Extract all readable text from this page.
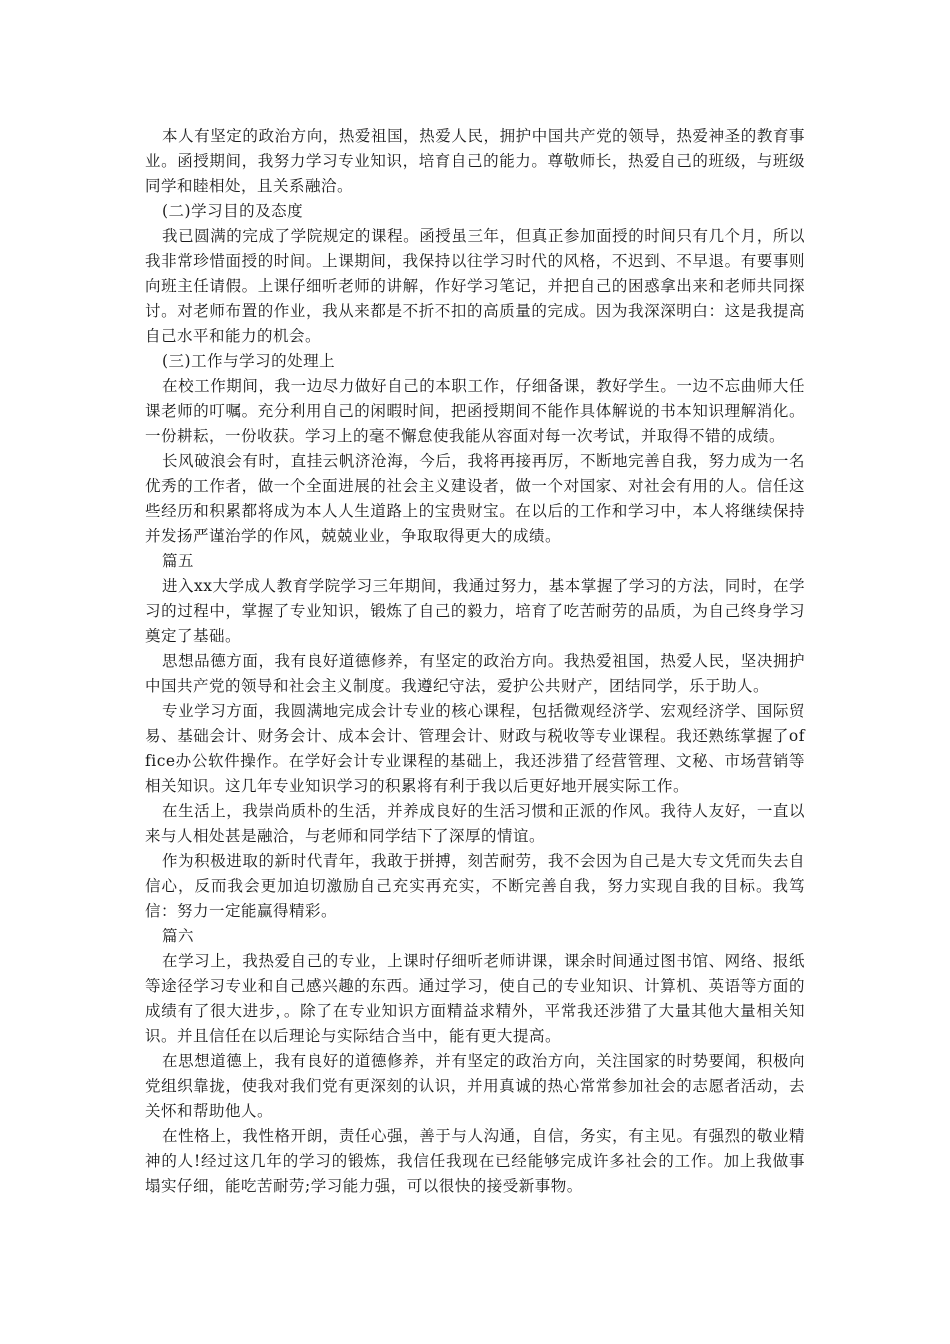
本人有坚定的政治方向，热爱祖国，热爱人民，拥护中国共产党的领导，热爱神圣的教育事业。函授期间，我努力学习专业知识，培育自己的能力。尊敬师长，热爱自己的班级，与班级同学和睦相处，且关系融洽。

(二)学习目的及态度

我已圆满的完成了学院规定的课程。函授虽三年，但真正参加面授的时间只有几个月，所以我非常珍惜面授的时间。上课期间，我保持以往学习时代的风格，不迟到、不早退。有要事则向班主任请假。上课仔细听老师的讲解，作好学习笔记，并把自己的困惑拿出来和老师共同探讨。对老师布置的作业，我从来都是不折不扣的高质量的完成。因为我深深明白：这是我提高自己水平和能力的机会。

(三)工作与学习的处理上

在校工作期间，我一边尽力做好自己的本职工作，仔细备课，教好学生。一边不忘曲师大任课老师的叮嘱。充分利用自己的闲暇时间，把函授期间不能作具体解说的书本知识理解消化。一份耕耘，一份收获。学习上的毫不懈怠使我能从容面对每一次考试，并取得不错的成绩。

长风破浪会有时，直挂云帆济沧海，今后，我将再接再厉，不断地完善自我，努力成为一名优秀的工作者，做一个全面进展的社会主义建设者，做一个对国家、对社会有用的人。信任这些经历和积累都将成为本人人生道路上的宝贵财宝。在以后的工作和学习中，本人将继续保持并发扬严谨治学的作风，兢兢业业，争取取得更大的成绩。

篇五

进入xx大学成人教育学院学习三年期间，我通过努力，基本掌握了学习的方法，同时，在学习的过程中，掌握了专业知识，锻炼了自己的毅力，培育了吃苦耐劳的品质，为自己终身学习奠定了基础。

思想品德方面，我有良好道德修养，有坚定的政治方向。我热爱祖国，热爱人民，坚决拥护中国共产党的领导和社会主义制度。我遵纪守法，爱护公共财产，团结同学，乐于助人。

专业学习方面，我圆满地完成会计专业的核心课程，包括微观经济学、宏观经济学、国际贸易、基础会计、财务会计、成本会计、管理会计、财政与税收等专业课程。我还熟练掌握了office办公软件操作。在学好会计专业课程的基础上，我还涉猎了经营管理、文秘、市场营销等相关知识。这几年专业知识学习的积累将有利于我以后更好地开展实际工作。

在生活上，我崇尚质朴的生活，并养成良好的生活习惯和正派的作风。我待人友好，一直以来与人相处甚是融洽，与老师和同学结下了深厚的情谊。

作为积极进取的新时代青年，我敢于拼搏，刻苦耐劳，我不会因为自己是大专文凭而失去自信心，反而我会更加迫切激励自己充实再充实，不断完善自我，努力实现自我的目标。我笃信：努力一定能赢得精彩。

篇六

在学习上，我热爱自己的专业，上课时仔细听老师讲课，课余时间通过图书馆、网络、报纸等途径学习专业和自己感兴趣的东西。通过学习，使自己的专业知识、计算机、英语等方面的成绩有了很大进步，。除了在专业知识方面精益求精外，平常我还涉猎了大量其他大量相关知识。并且信任在以后理论与实际结合当中，能有更大提高。

在思想道德上，我有良好的道德修养，并有坚定的政治方向，关注国家的时势要闻，积极向党组织靠拢，使我对我们党有更深刻的认识，并用真诚的热心常常参加社会的志愿者活动，去关怀和帮助他人。

在性格上，我性格开朗，责任心强，善于与人沟通，自信，务实，有主见。有强烈的敬业精神的人!经过这几年的学习的锻炼，我信任我现在已经能够完成许多社会的工作。加上我做事塌实仔细，能吃苦耐劳;学习能力强，可以很快的接受新事物。
